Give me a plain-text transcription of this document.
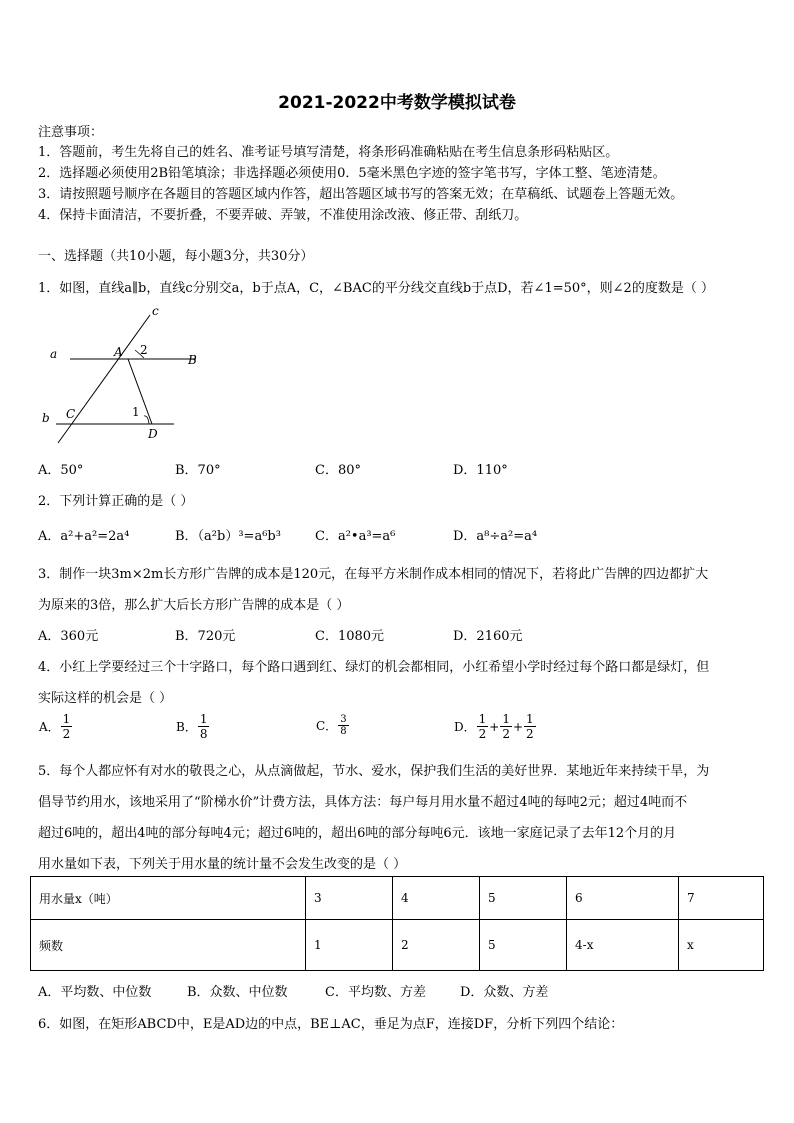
2021-2022中考数学模拟试卷
注意事项：
1．答题前，考生先将自己的姓名、准考证号填写清楚，将条形码准确粘贴在考生信息条形码粘贴区。
2．选择题必须使用2B铅笔填涂；非选择题必须使用0．5毫米黑色字迹的签字笔书写，字体工整、笔迹清楚。
3．请按照题号顺序在各题目的答题区域内作答，超出答题区域书写的答案无效；在草稿纸、试题卷上答题无效。
4．保持卡面清洁，不要折叠，不要弄破、弄皱，不准使用涂改液、修正带、刮纸刀。
一、选择题（共10小题，每小题3分，共30分）
1．如图，直线a∥b，直线c分别交a，b于点A，C，∠BAC的平分线交直线b于点D，若∠1=50°，则∠2的度数是（ ）
c
a	A 2
B
b C	1
D
A．50°	B．70°	C．80°	D．110°
2．下列计算正确的是（ ）
A．a²+a²=2a⁴	B．（a²b）³=a⁶b³	C．a²•a³=a⁶	D．a⁸÷a²=a⁴
3．制作一块3m×2m长方形广告牌的成本是120元，在每平方米制作成本相同的情况下，若将此广告牌的四边都扩大
为原来的3倍，那么扩大后长方形广告牌的成本是（ ）
A．360元	B．720元	C．1080元	D．2160元
4．小红上学要经过三个十字路口，每个路口遇到红、绿灯的机会都相同，小红希望小学时经过每个路口都是绿灯，但
实际这样的机会是（ ）
A． $\frac{1}{2}$	B． $\frac{1}{8}$	C． $\frac{3}{8}$	D． $\frac{1}{2} + \frac{1}{2} + \frac{1}{2}$
5．每个人都应怀有对水的敬畏之心，从点滴做起，节水、爱水，保护我们生活的美好世界．某地近年来持续干旱，为
倡导节约用水，该地采用了“阶梯水价”计费方法，具体方法：每户每月用水量不超过4吨的每吨2元；超过4吨而不
超过6吨的，超出4吨的部分每吨4元；超过6吨的，超出6吨的部分每吨6元．该地一家庭记录了去年12个月的月
用水量如下表，下列关于用水量的统计量不会发生改变的是（ ）
用水量x（吨）	3	4	5	6	7
频数	1	2	5	4-x	x
A．平均数、中位数	B．众数、中位数	C．平均数、方差	D．众数、方差
6．如图，在矩形ABCD中，E是AD边的中点，BE⊥AC，垂足为点F，连接DF，分析下列四个结论：
